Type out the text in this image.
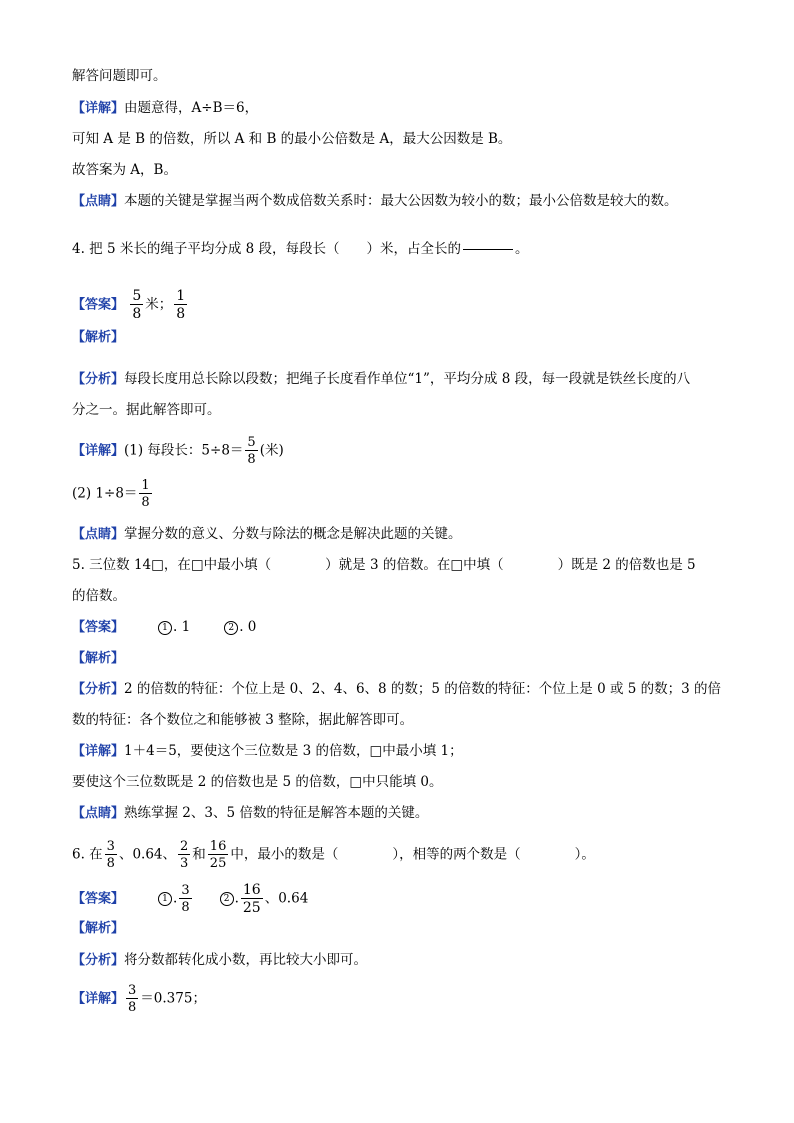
解答问题即可。
【详解】由题意得，A÷B＝6，
可知 A 是 B 的倍数，所以 A 和 B 的最小公倍数是 A，最大公因数是 B。
故答案为 A，B。
【点睛】本题的关键是掌握当两个数成倍数关系时：最大公因数为较小的数；最小公倍数是较大的数。
4. 把 5 米长的绳子平均分成 8 段，每段长（　　）米，占全长的	。
【答案】 $\frac{5}{8}$ 米； $\frac{1}{8}$
【解析】
【分析】每段长度用总长除以段数；把绳子长度看作单位“1”，平均分成 8 段，每一段就是铁丝长度的八
分之一。据此解答即可。
【详解】(1) 每段长：$5\div 8= \frac{5}{8}$ (米)
(2) $1\div 8= \frac{1}{8}$
【点睛】掌握分数的意义、分数与除法的概念是解决此题的关键。
5. 三位数 14□，在□中最小填（　　　　）就是 3 的倍数。在□中填（　　　　）既是 2 的倍数也是 5
的倍数。
【答案】	1 . 1	2 . 0
【解析】
【分析】2 的倍数的特征：个位上是 0、2、4、6、8 的数；5 的倍数的特征：个位上是 0 或 5 的数；3 的倍
数的特征：各个数位之和能够被 3 整除，据此解答即可。
【详解】1＋4＝5，要使这个三位数是 3 的倍数，□中最小填 1；
要使这个三位数既是 2 的倍数也是 5 的倍数，□中只能填 0。
【点睛】熟练掌握 2、3、5 倍数的特征是解答本题的关键。
6. 在 $\frac{3}{8}$ 、0.64、 $\frac{2}{3}$ 和 $\frac{16}{25}$ 中，最小的数是（　　　　），相等的两个数是（　　　　）。
【答案】	1 . $\frac{3}{8}$	2 . $\frac{16}{25}$ 、0.64
【解析】
【分析】将分数都转化成小数，再比较大小即可。
【详解】 $\frac{3}{8} =0.375$；
